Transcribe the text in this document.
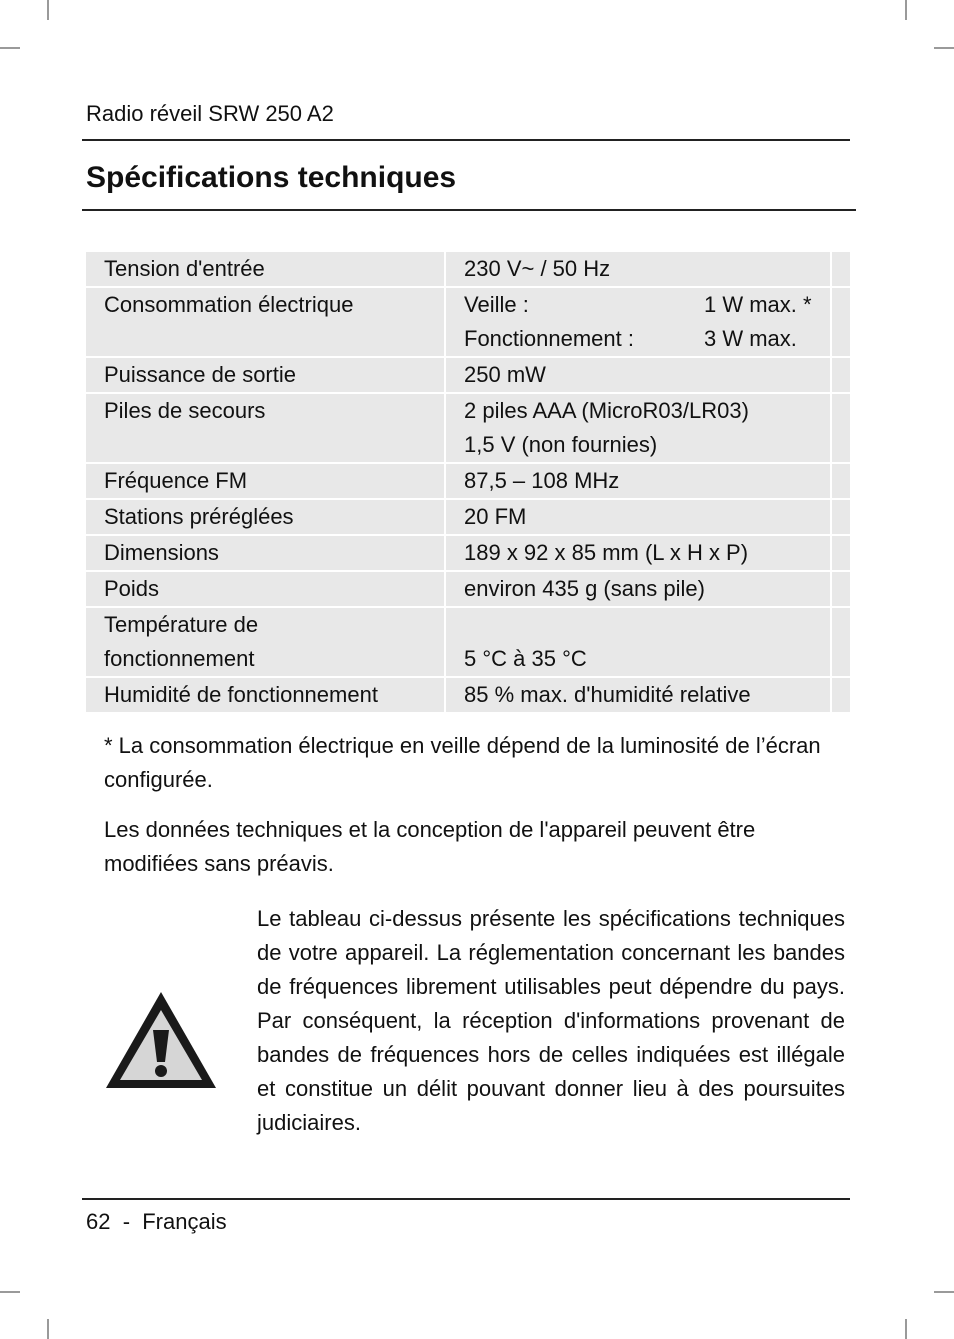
Radio réveil SRW 250 A2
Spécifications techniques
Tension d'entrée	230 V~ / 50 Hz
Consommation électrique	Veille :	1 W max. *
Fonctionnement :	3 W max.
Puissance de sortie	250 mW
Piles de secours	2 piles AAA (MicroR03/LR03)
1,5 V (non fournies)
Fréquence FM	87,5 – 108 MHz
Stations préréglées	20 FM
Dimensions	189 x 92 x 85 mm (L x H x P)
Poids	environ 435 g (sans pile)
Température de
fonctionnement	5 °C à 35 °C
Humidité de fonctionnement	85 % max. d'humidité relative

* La consommation électrique en veille dépend de la luminosité de l’écran configurée.

Les données techniques et la conception de l'appareil peuvent être modifiées sans préavis.

Le tableau ci-dessus présente les spécifications techniques de votre appareil. La réglementation concernant les bandes de fréquences librement utilisables peut dépendre du pays. Par conséquent, la réception d'informations provenant de bandes de fréquences hors de celles indiquées est illégale et constitue un délit pouvant donner lieu à des poursuites judiciaires.

62  -  Français
